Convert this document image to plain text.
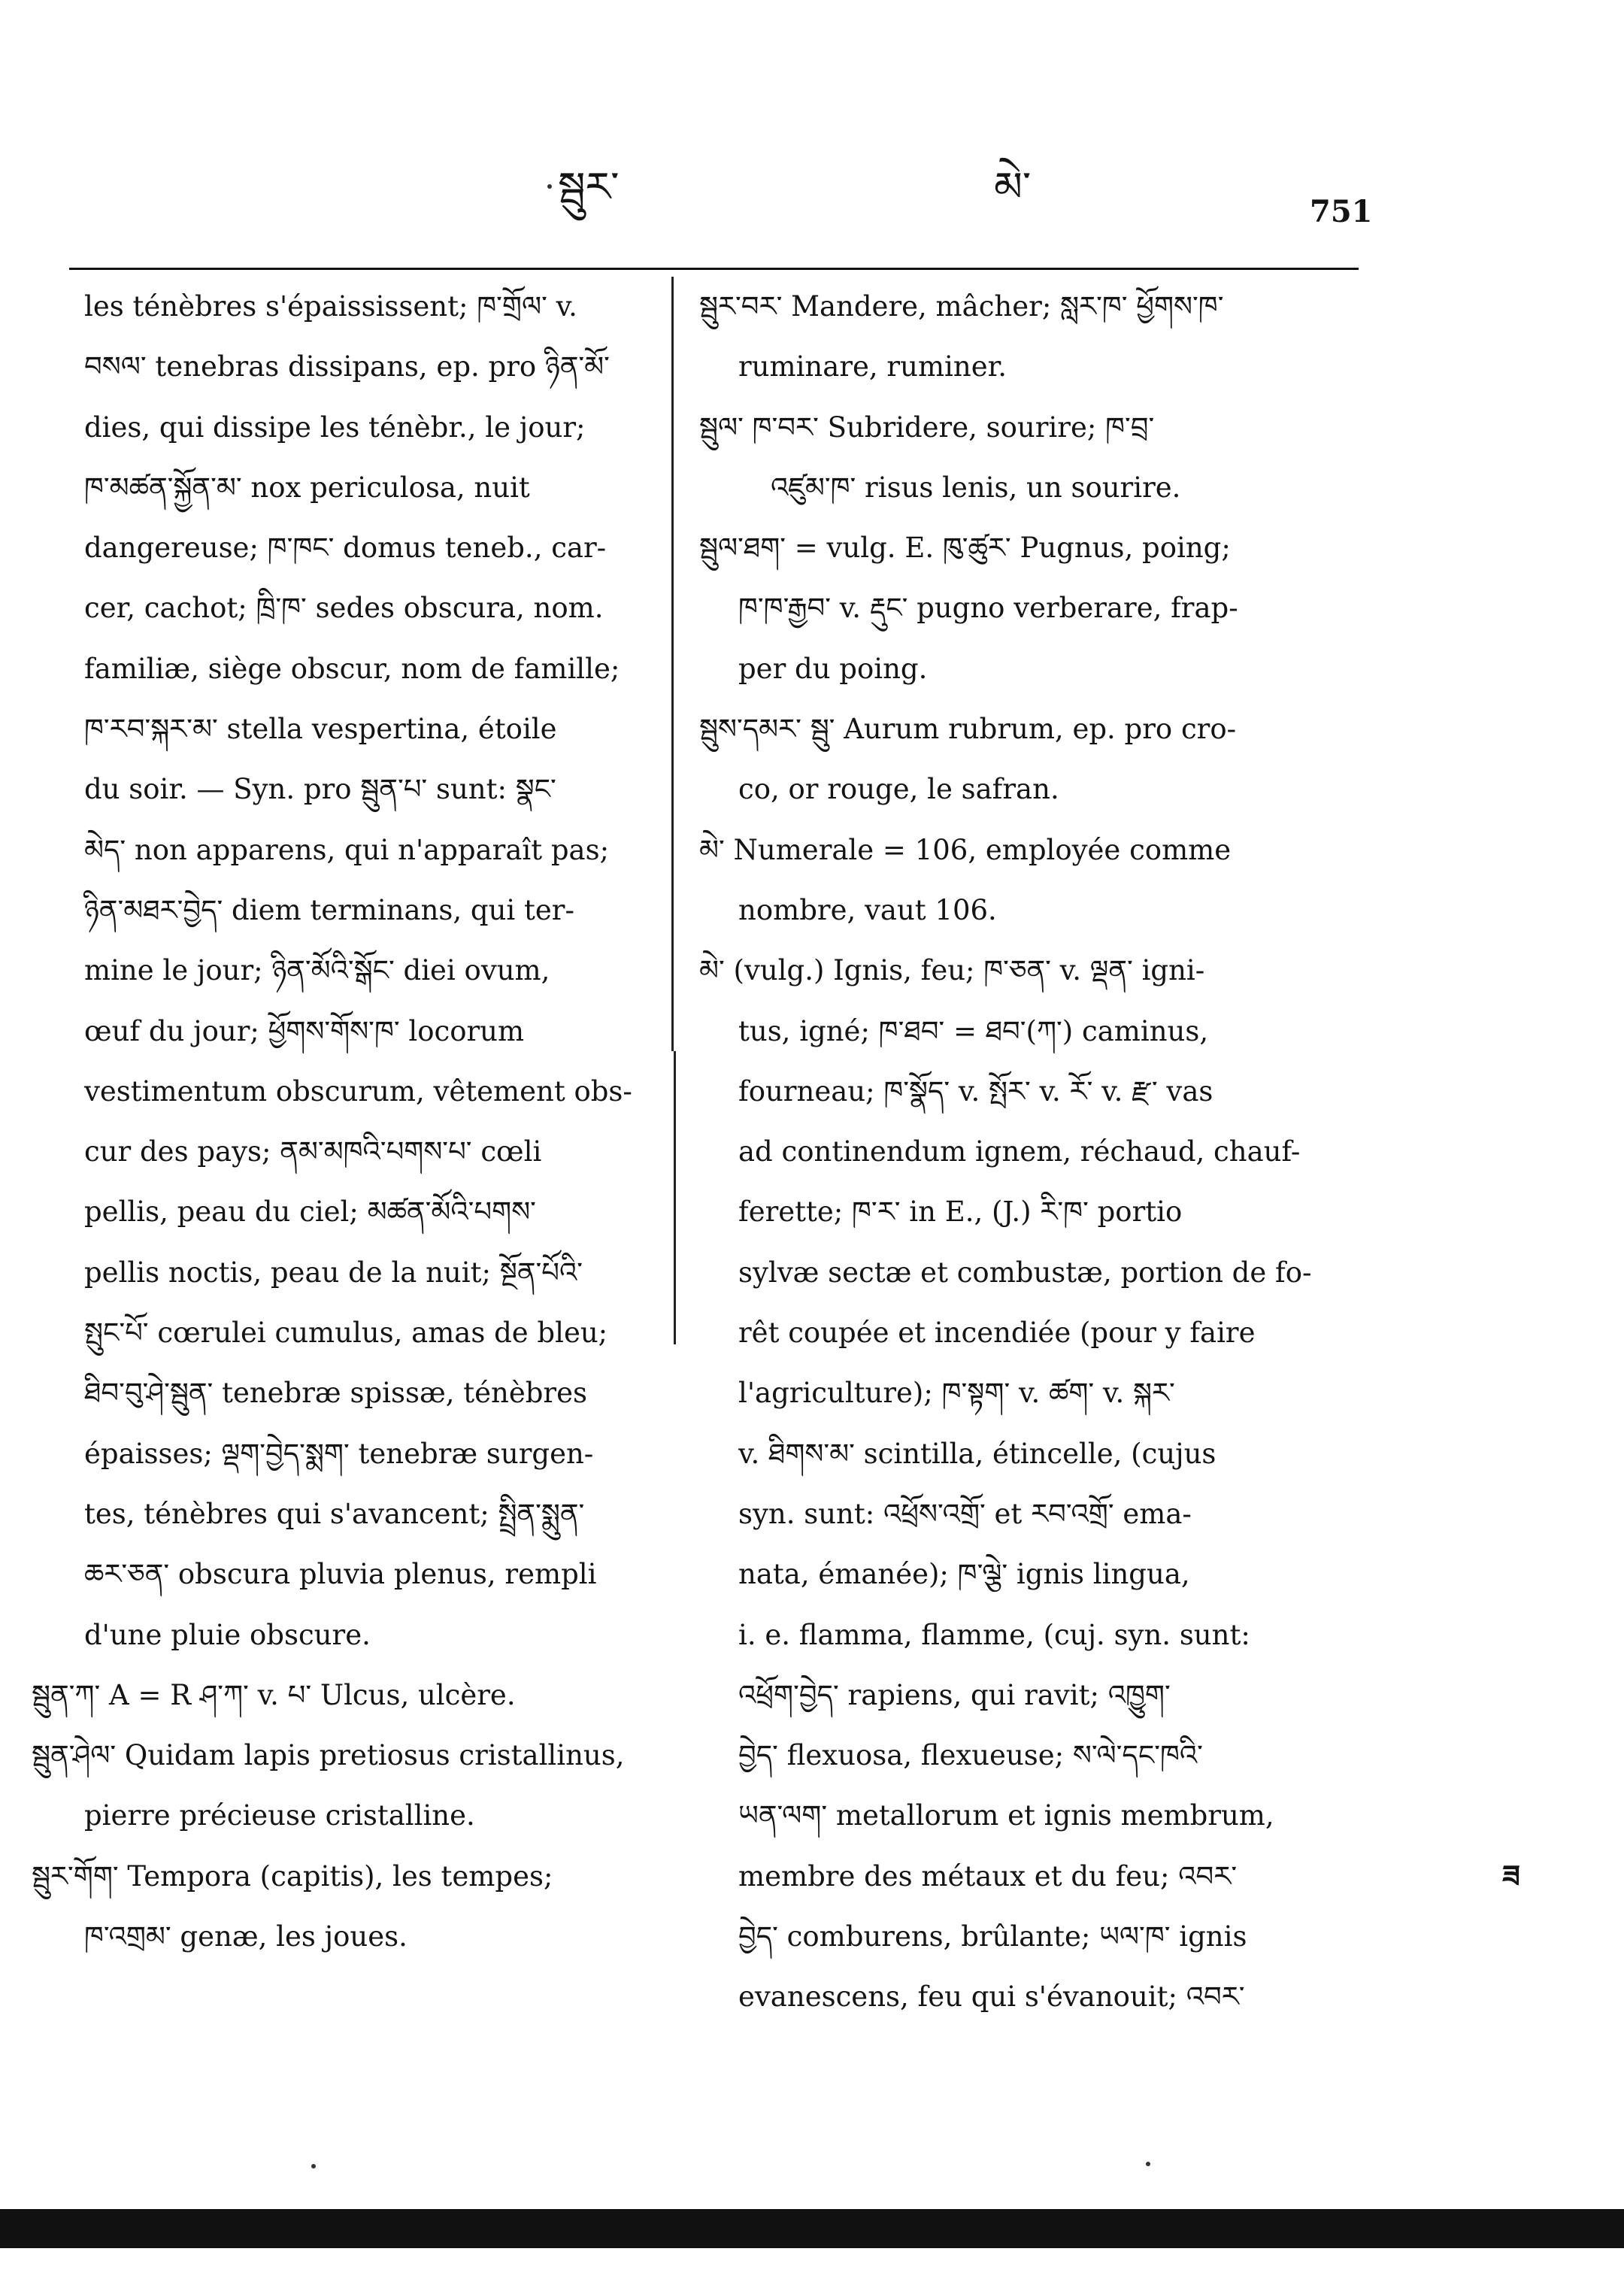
སྦུར་	མེ་
751
les ténèbres s'épaississent; ཁ་གྲོལ་ v.
བསལ་ tenebras dissipans, ep. pro ཉིན་མོ་
dies, qui dissipe les ténèbr., le jour;
ཁ་མཚན་སྐྱོན་མ་ nox periculosa, nuit
dangereuse; ཁ་ཁང་ domus teneb., car-
cer, cachot; ཁྲི་ཁ་ sedes obscura, nom.
familiæ, siège obscur, nom de famille;
ཁ་རབ་སྐར་མ་ stella vespertina, étoile
du soir. — Syn. pro སྦུན་པ་ sunt: སྣང་
མེད་ non apparens, qui n'apparaît pas;
ཉིན་མཐར་བྱེད་ diem terminans, qui ter-
mine le jour; ཉིན་མོའི་སྒོང་ diei ovum,
œuf du jour; ཕྱོགས་གོས་ཁ་ locorum
vestimentum obscurum, vêtement obs-
cur des pays; ནམ་མཁའི་པགས་པ་ cœli
pellis, peau du ciel; མཚན་མོའི་པགས་
pellis noctis, peau de la nuit; སྔོན་པོའི་
སྤུང་པོ་ cœrulei cumulus, amas de bleu;
ཐིབ་བུ་ཤེ་སྦུན་ tenebræ spissæ, ténèbres
épaisses; ལྡག་བྱེད་སྨག་ tenebræ surgen-
tes, ténèbres qui s'avancent; སྤྲིན་སྨུན་
ཆར་ཅན་ obscura pluvia plenus, rempli
d'une pluie obscure.
སྦུན་ཀ་ A = R ཤ་ཀ་ v. པ་ Ulcus, ulcère.
སྦུན་ཤེལ་ Quidam lapis pretiosus cristallinus,
pierre précieuse cristalline.
སྦུར་གོག་ Tempora (capitis), les tempes;
ཁ་འགྲམ་ genæ, les joues.
སྦུར་བར་ Mandere, mâcher; སླར་ཁ་ ཕྱོགས་ཁ་
ruminare, ruminer.
སྦུལ་ ཁ་བར་ Subridere, sourire; ཁ་བྲ་
འཛུམ་ཁ་ risus lenis, un sourire.
སྦུལ་ཐག་ = vulg. E. ཁུ་ཚུར་ Pugnus, poing;
ཁ་ཁ་རྒྱབ་ v. རྡུང་ pugno verberare, frap-
per du poing.
སྦུས་དམར་ སྦུ་ Aurum rubrum, ep. pro cro-
co, or rouge, le safran.
མེ་ Numerale = 106, employée comme
nombre, vaut 106.
མེ་ (vulg.) Ignis, feu; ཁ་ཅན་ v. ལྡན་ igni-
tus, igné; ཁ་ཐབ་ = ཐབ་(ཀ་) caminus,
fourneau; ཁ་སྣོད་ v. སྤོར་ v. རོ་ v. རྫ་ vas
ad continendum ignem, réchaud, chauf-
ferette; ཁ་ར་ in E., (J.) རི་ཁ་ portio
sylvæ sectæ et combustæ, portion de fo-
rêt coupée et incendiée (pour y faire
l'agriculture); ཁ་སྟག་ v. ཚག་ v. སྐར་
v. ཐིགས་མ་ scintilla, étincelle, (cujus
syn. sunt: འཕྲོས་འགྲོ་ et རབ་འགྲོ་ ema-
nata, émanée); ཁ་ལྕེ་ ignis lingua,
i. e. flamma, flamme, (cuj. syn. sunt:
འཕྲོག་བྱེད་ rapiens, qui ravit; འཁྱུག་
བྱེད་ flexuosa, flexueuse; ས་ལེ་དང་ཁའི་
ཡན་ལག་ metallorum et ignis membrum,
membre des métaux et du feu; འབར་
བྱེད་ comburens, brûlante; ཡལ་ཁ་ ignis
evanescens, feu qui s'évanouit; འབར་
ཟ
